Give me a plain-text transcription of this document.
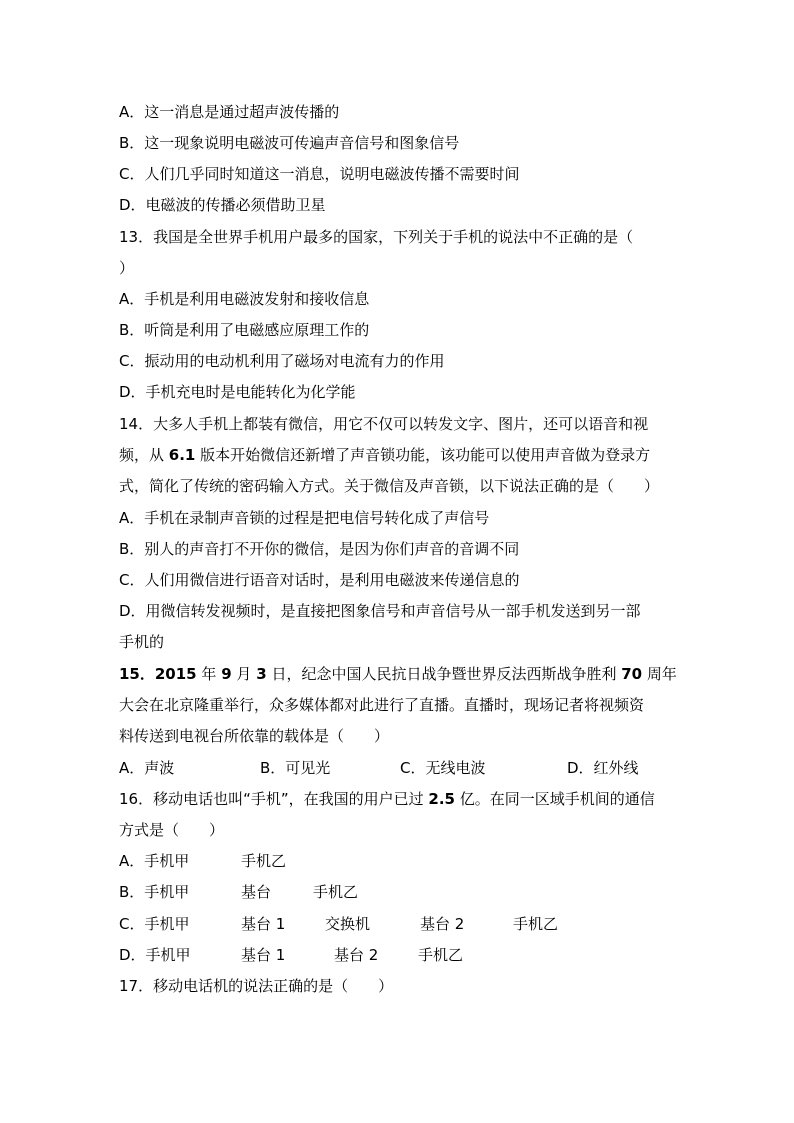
A．这一消息是通过超声波传播的
B．这一现象说明电磁波可传遍声音信号和图象信号
C．人们几乎同时知道这一消息，说明电磁波传播不需要时间
D．电磁波的传播必须借助卫星
13．我国是全世界手机用户最多的国家，下列关于手机的说法中不正确的是（
）
A．手机是利用电磁波发射和接收信息
B．听筒是利用了电磁感应原理工作的
C．振动用的电动机利用了磁场对电流有力的作用
D．手机充电时是电能转化为化学能
14．大多人手机上都装有微信，用它不仅可以转发文字、图片，还可以语音和视
频，从 6.1 版本开始微信还新增了声音锁功能，该功能可以使用声音做为登录方
式，简化了传统的密码输入方式。关于微信及声音锁，以下说法正确的是（　　）
A．手机在录制声音锁的过程是把电信号转化成了声信号
B．别人的声音打不开你的微信，是因为你们声音的音调不同
C．人们用微信进行语音对话时，是利用电磁波来传递信息的
D．用微信转发视频时，是直接把图象信号和声音信号从一部手机发送到另一部
手机的
15．2015 年 9 月 3 日，纪念中国人民抗日战争暨世界反法西斯战争胜利 70 周年
大会在北京隆重举行，众多媒体都对此进行了直播。直播时，现场记者将视频资
料传送到电视台所依靠的载体是（　　）
A．声波	B．可见光	C．无线电波	D．红外线
16．移动电话也叫“手机”，在我国的用户已过 2.5 亿。在同一区域手机间的通信
方式是（　　）
A．手机甲	手机乙
B．手机甲	基台	手机乙
C．手机甲	基台 1	交换机	基台 2	手机乙
D．手机甲	基台 1	基台 2	手机乙
17．移动电话机的说法正确的是（　　）
